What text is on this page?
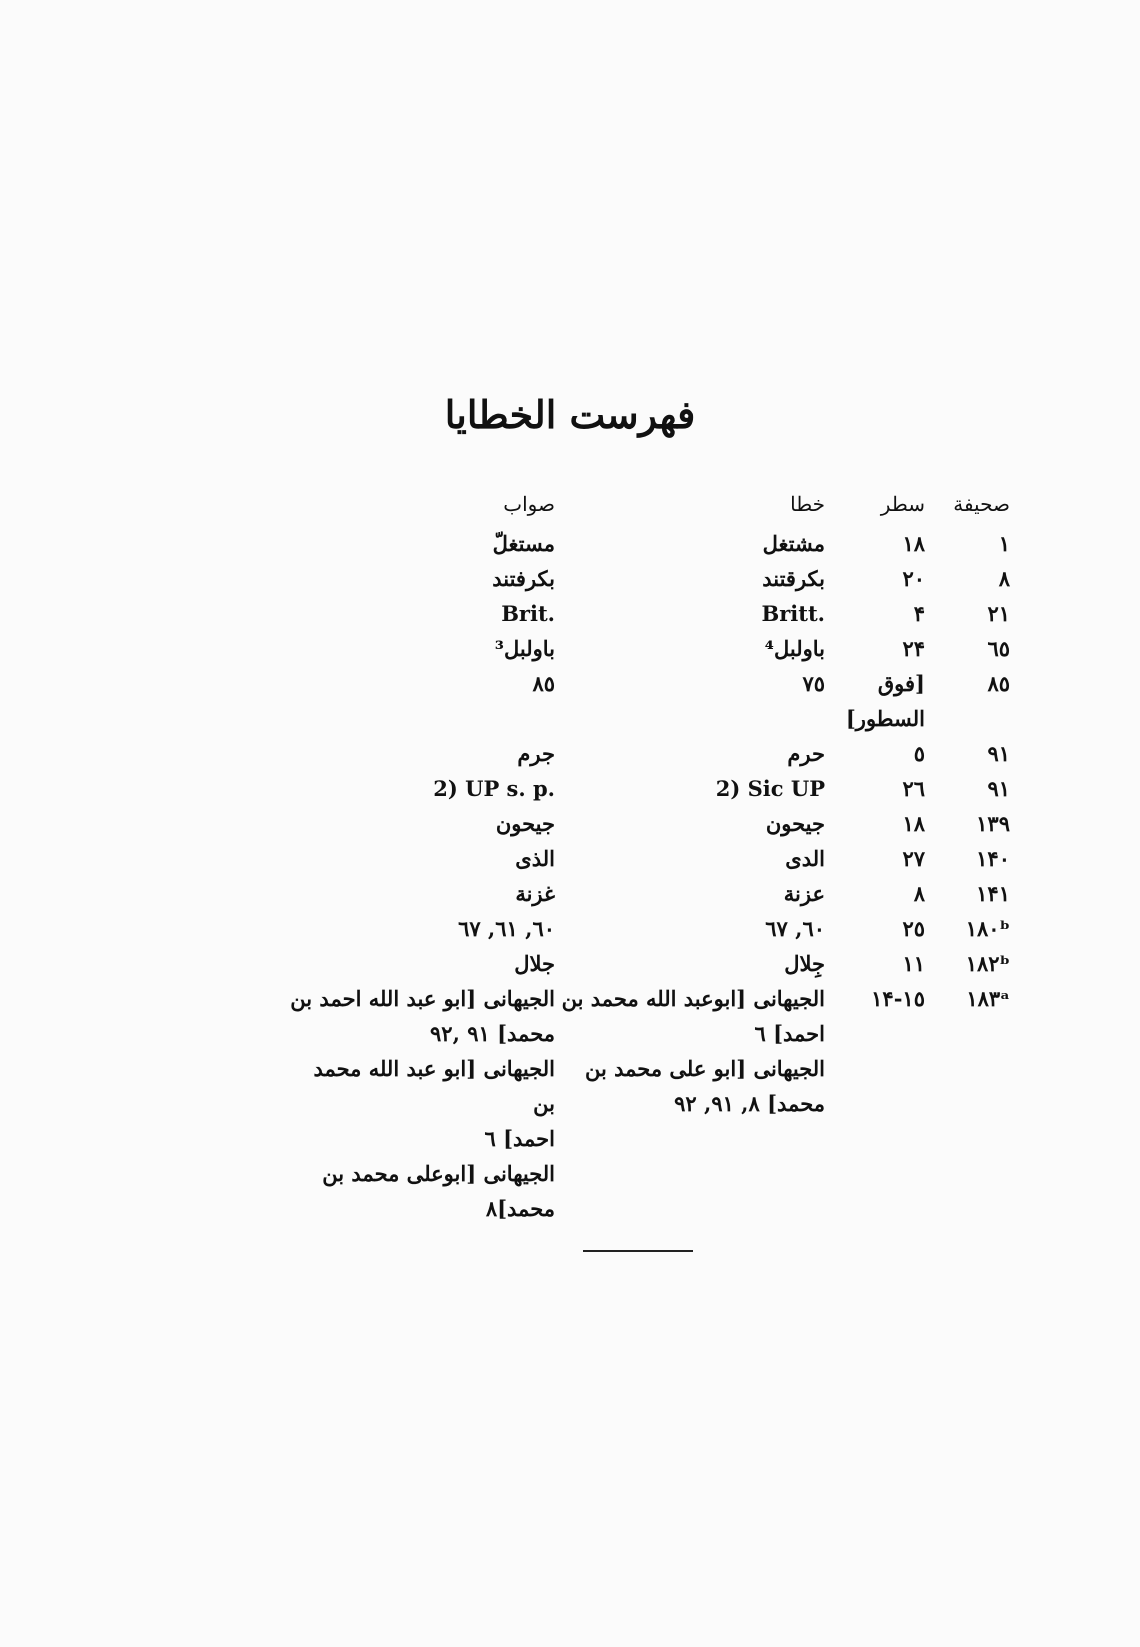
فهرست الخطايا
صحيفة	سطر	خطا	صواب
۱	۱۸	مشتغل	مستغلّ
۸	۲۰	بکرقتند	بکرفتند
۲۱	۴	Britt.	Brit.
٦٥	۲۴	باولبل⁴	باولبل³
۸٥	[فوق السطور]	٧٥	۸٥
۹۱	٥	حرم	جرم
۹۱	۲٦	2) Sic UP	2) UP s. p.
۱۳۹	۱۸	جيحون	جيحون
۱۴۰	۲٧	الدى	الذى
۱۴۱	۸	عزنة	غزنة
۱۸۰ᵇ	۲٥	٦۰, ٦٧	٦۰, ٦۱, ٦٧
۱۸۲ᵇ	۱۱	جِلال	جلال
۱۸۳ᵃ	۱۴-۱٥	الجيهانى [ابوعبد الله محمد بن
احمد] ٦
الجيهانى [ابو على محمد بن
محمد] ۸, ۹۱, ۹۲	الجيهانى [ابو عبد الله احمد بن
محمد] ۹۱ ,۹۲
الجيهانى [ابو عبد الله محمد بن
احمد] ٦
الجيهانى [ابوعلى محمد بن محمد]۸
